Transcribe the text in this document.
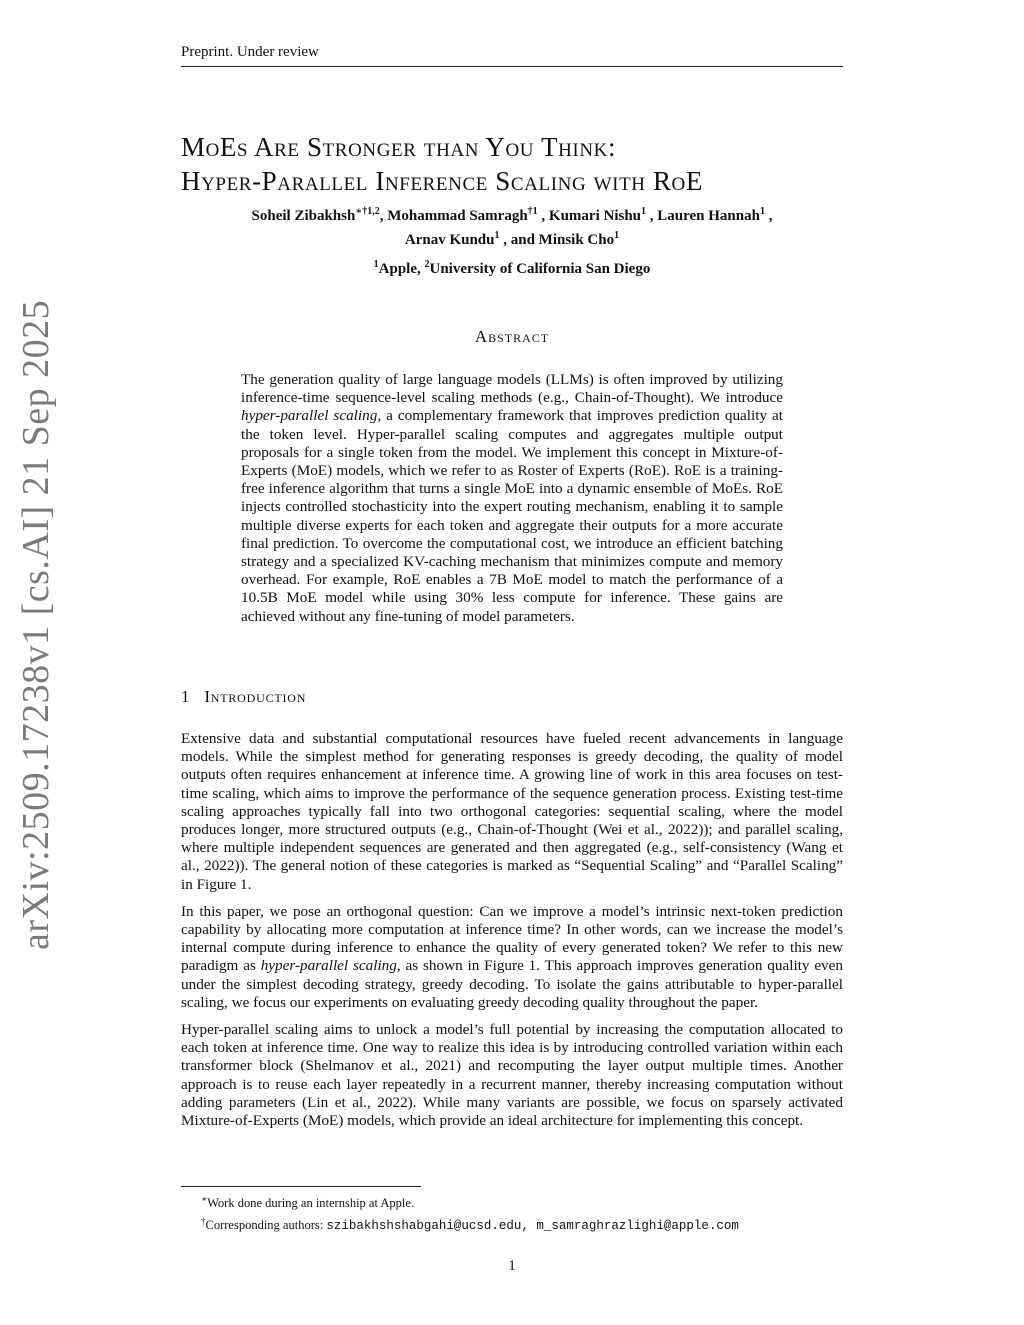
Preprint. Under review
arXiv:2509.17238v1 [cs.AI] 21 Sep 2025
MoEs Are Stronger than You Think:
Hyper-Parallel Inference Scaling with RoE
Soheil Zibakhsh$^{∗\dagger 1,2}$, Mohammad Samragh$^{\dagger 1}$ , Kumari Nishu$^1$ , Lauren Hannah$^1$ ,
Arnav Kundu$^1$ , and Minsik Cho$^1$
$^1$Apple, $^2$University of California San Diego
Abstract

The generation quality of large language models (LLMs) is often improved by utilizing inference-time sequence-level scaling methods (e.g., Chain-of-Thought). We introduce hyper-parallel scaling, a complementary framework that improves prediction quality at the token level. Hyper-parallel scaling computes and aggregates multiple output proposals for a single token from the model. We implement this concept in Mixture-of-Experts (MoE) models, which we refer to as Roster of Experts (RoE). RoE is a training-free inference algorithm that turns a single MoE into a dynamic ensemble of MoEs. RoE injects controlled stochasticity into the expert routing mechanism, enabling it to sample multiple diverse experts for each token and aggregate their outputs for a more accurate final prediction. To overcome the computational cost, we introduce an efficient batching strategy and a specialized KV-caching mechanism that minimizes compute and memory overhead. For example, RoE enables a 7B MoE model to match the performance of a 10.5B MoE model while using 30% less compute for inference. These gains are achieved without any fine-tuning of model parameters.

1 Introduction

Extensive data and substantial computational resources have fueled recent advancements in language models. While the simplest method for generating responses is greedy decoding, the quality of model outputs often requires enhancement at inference time. A growing line of work in this area focuses on test-time scaling, which aims to improve the performance of the sequence generation process. Existing test-time scaling approaches typically fall into two orthogonal categories: sequential scaling, where the model produces longer, more structured outputs (e.g., Chain-of-Thought (Wei et al., 2022)); and parallel scaling, where multiple independent sequences are generated and then aggregated (e.g., self-consistency (Wang et al., 2022)). The general notion of these categories is marked as “Sequential Scaling” and “Parallel Scaling” in Figure 1.

In this paper, we pose an orthogonal question: Can we improve a model’s intrinsic next-token prediction capability by allocating more computation at inference time? In other words, can we increase the model’s internal compute during inference to enhance the quality of every generated token? We refer to this new paradigm as hyper-parallel scaling, as shown in Figure 1. This approach improves generation quality even under the simplest decoding strategy, greedy decoding. To isolate the gains attributable to hyper-parallel scaling, we focus our experiments on evaluating greedy decoding quality throughout the paper.

Hyper-parallel scaling aims to unlock a model’s full potential by increasing the computation allocated to each token at inference time. One way to realize this idea is by introducing controlled variation within each transformer block (Shelmanov et al., 2021) and recomputing the layer output multiple times. Another approach is to reuse each layer repeatedly in a recurrent manner, thereby increasing computation without adding parameters (Lin et al., 2022). While many variants are possible, we focus on sparsely activated Mixture-of-Experts (MoE) models, which provide an ideal architecture for implementing this concept.

∗Work done during an internship at Apple.
†Corresponding authors: szibakhshshabgahi@ucsd.edu, m_samraghrazlighi@apple.com
1
